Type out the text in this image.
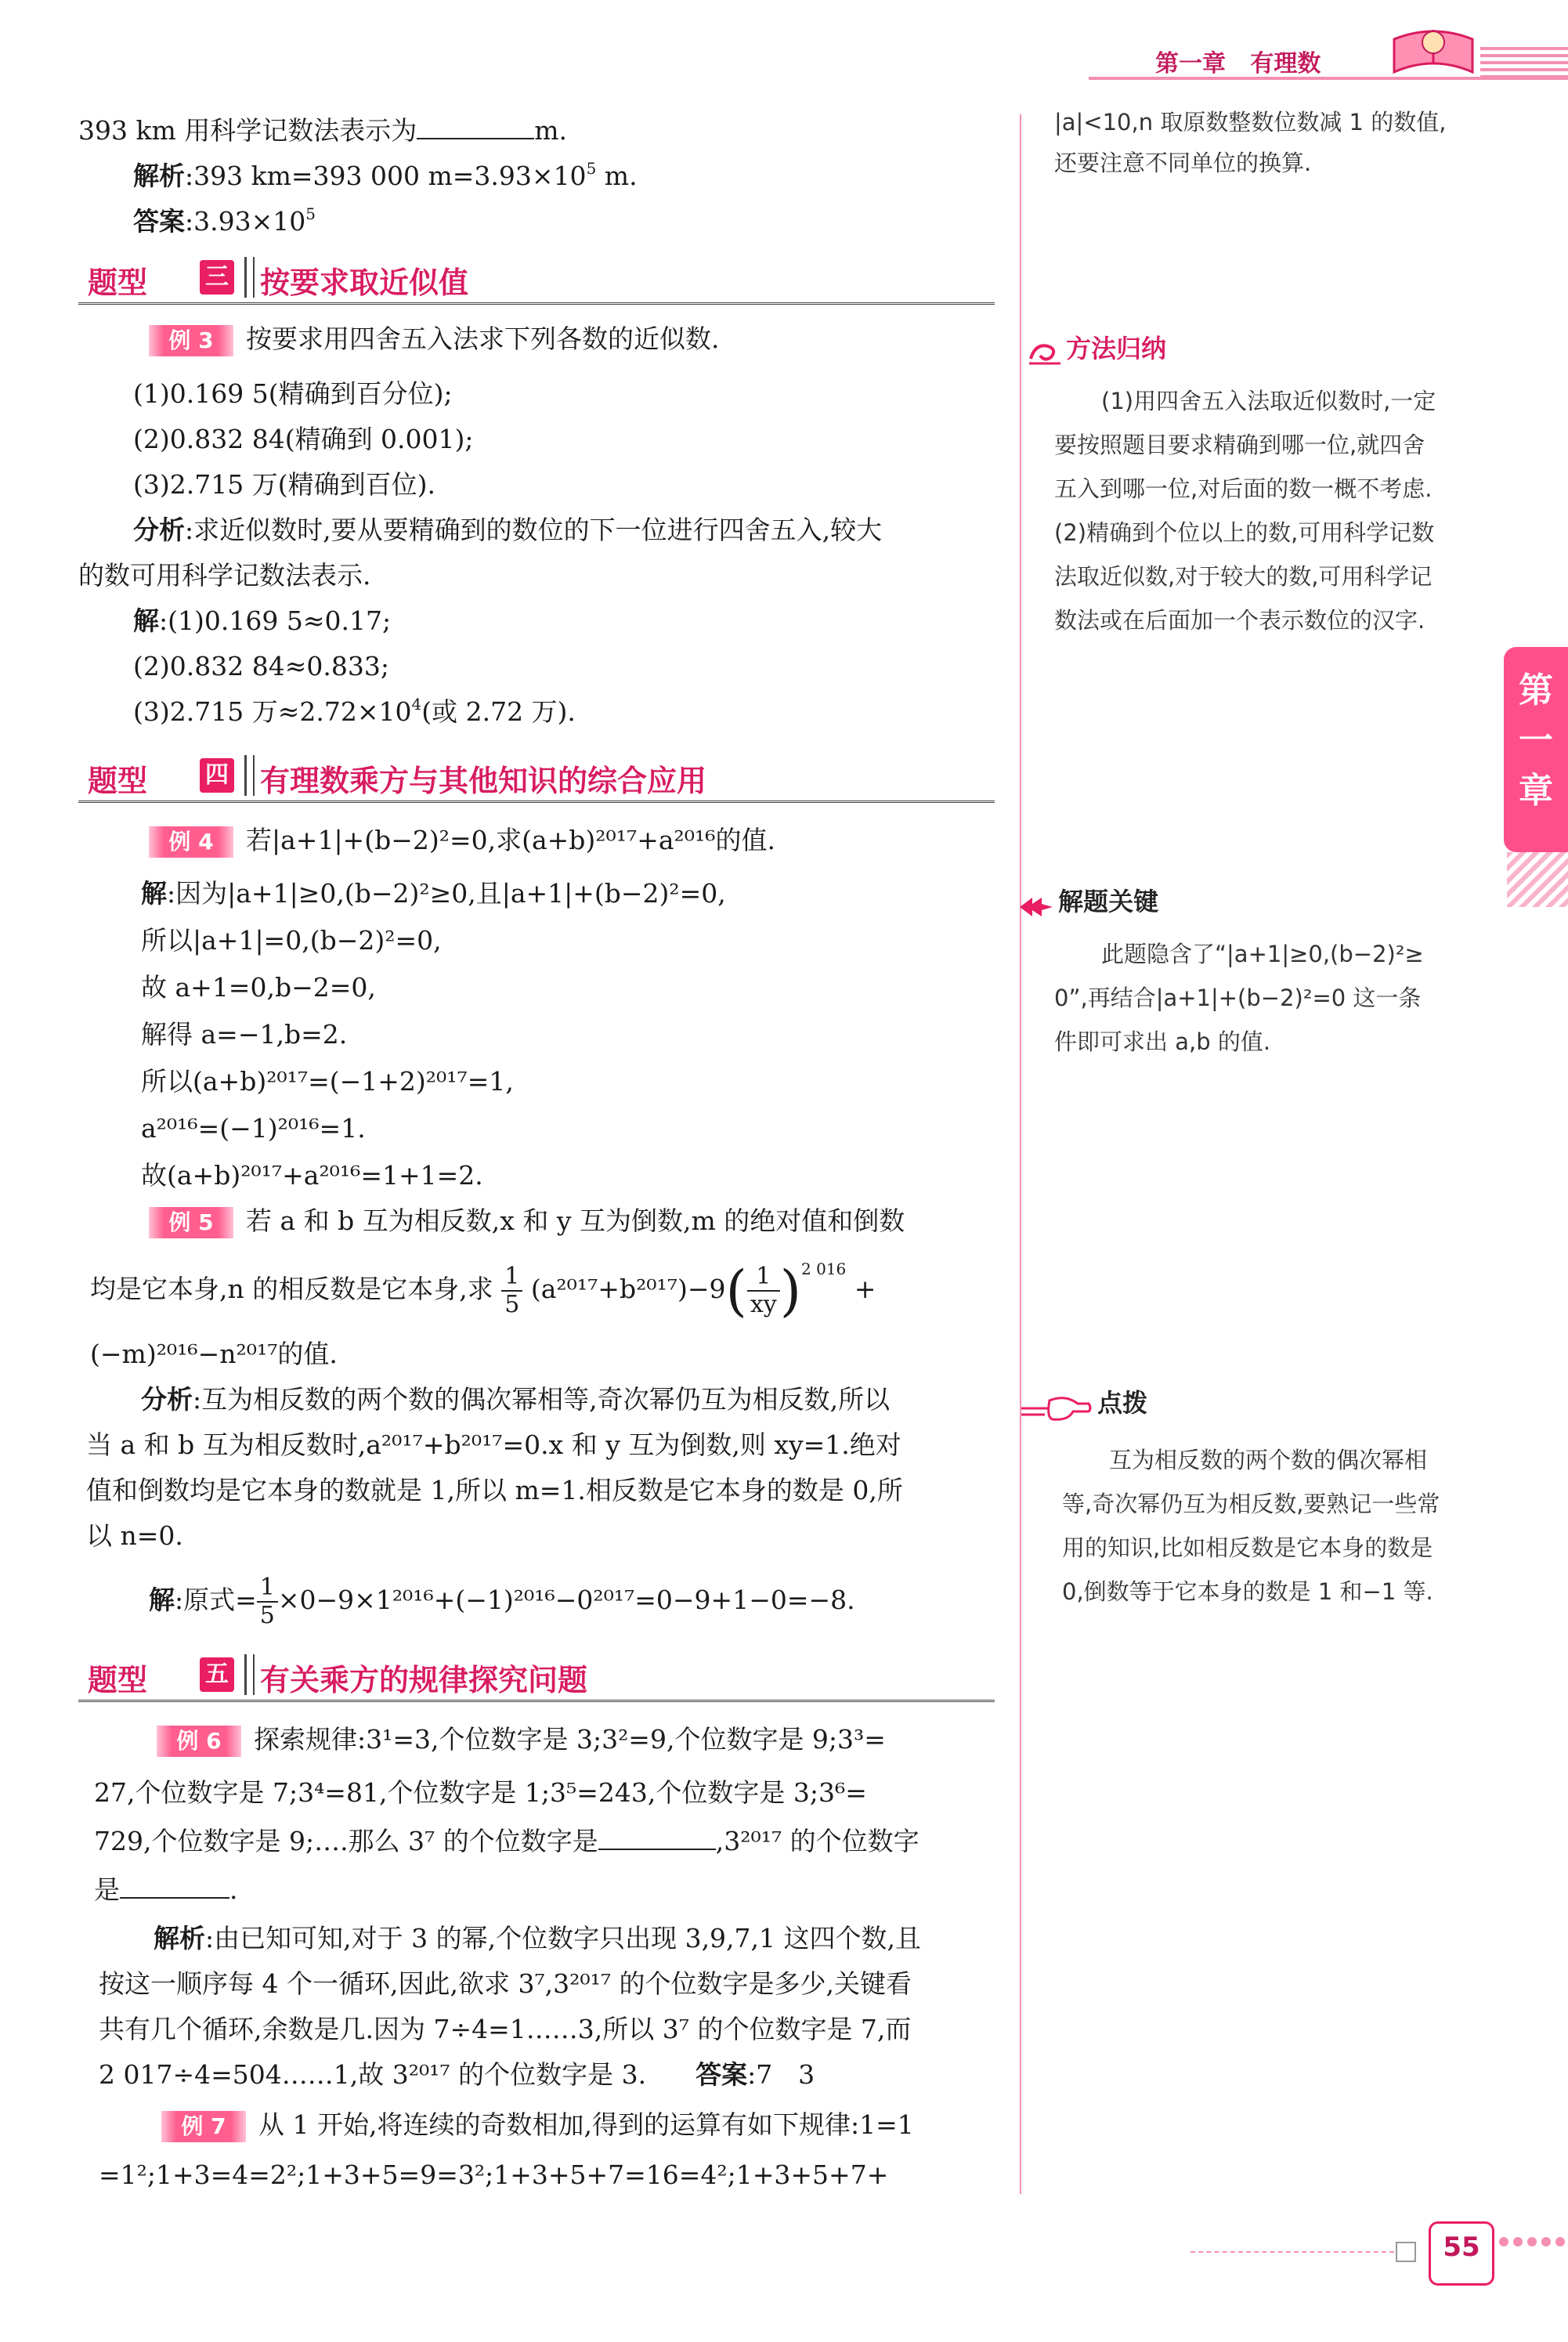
第一章 有理数
393 km 用科学记数法表示为	m.
解析:393 km=393 000 $m=3.93\times 10^5$ m.
答案$:3.93\times 10^5$
题型 三 按要求取近似值
例 3 按要求用四舍五入法求下列各数的近似数.
(1)0.169 5(精确到百分位);
(2)0.832 84(精确到 0.001);
(3)2.715 万(精确到百位).
分析:求近似数时,要从要精确到的数位的下一位进行四舍五入,较大
的数可用科学记数法表示.
解:(1)0.169 5≈0.17;
(2)0.832 84≈0.833;
(3)2.715 万$\approx 2.72\times 10^4$(或 2.72 万).
题型 四 有理数乘方与其他知识的综合应用
例 4 若|a+1|+(b−2)²=0,求(a+b)²⁰¹⁷+a²⁰¹⁶的值.
解:因为|a+1|≥0,(b−2)²≥0,且|a+1|+(b−2)²=0,
所以|a+1|=0,(b−2)²=0,
故 a+1=0,b−2=0,
解得 a=−1,b=2.
所以(a+b)²⁰¹⁷=(−1+2)²⁰¹⁷=1,
a²⁰¹⁶=(−1)²⁰¹⁶=1.
故(a+b)²⁰¹⁷+a²⁰¹⁶=1+1=2.
例 5 若 a 和 b 互为相反数,x 和 y 互为倒数,m 的绝对值和倒数
均是它本身,n 的相反数是它本身,求 $\frac{1}{5} (a^{2017}+b^{2017})-9( \frac{1}{xy} )^{2 016}$ +
(−m)²⁰¹⁶−n²⁰¹⁷的值.
分析:互为相反数的两个数的偶次幂相等,奇次幂仍互为相反数,所以
当 a 和 b 互为相反数时,a²⁰¹⁷+b²⁰¹⁷=0.x 和 y 互为倒数,则 xy=1.绝对
值和倒数均是它本身的数就是 1,所以 m=1.相反数是它本身的数是 0,所
以 n=0.
解:原式= $\frac{1}{5} \times 0-9\times 1^{2016}+(-1)^{2016}-0^{2017}=0-9+1-0=-8$.
题型 五 有关乘方的规律探究问题
例 6 探索规律:3¹=3,个位数字是 3;3²=9,个位数字是 9;3³=
27,个位数字是 7;3⁴=81,个位数字是 1;3⁵=243,个位数字是 3;3⁶=
729,个位数字是 9;….那么 3⁷ 的个位数字是	,3²⁰¹⁷ 的个位数字
是	.
解析:由已知可知,对于 3 的幂,个位数字只出现 3,9,7,1 这四个数,且
按这一顺序每 4 个一循环,因此,欲求 3⁷,3²⁰¹⁷ 的个位数字是多少,关键看
共有几个循环,余数是几.因为 7÷4=1……3,所以 3⁷ 的个位数字是 7,而
2 017÷4=504……1,故 3²⁰¹⁷ 的个位数字是 3. 答案:7　3
例 7 从 1 开始,将连续的奇数相加,得到的运算有如下规律:1=1
=1²;1+3=4=2²;1+3+5=9=3²;1+3+5+7=16=4²;1+3+5+7+
|a|<10,n 取原数整数位数减 1 的数值,
还要注意不同单位的换算.
方法归纳
(1)用四舍五入法取近似数时,一定
要按照题目要求精确到哪一位,就四舍
五入到哪一位,对后面的数一概不考虑.
(2)精确到个位以上的数,可用科学记数
法取近似数,对于较大的数,可用科学记
数法或在后面加一个表示数位的汉字.
第一章
解题关键
此题隐含了“|a+1|≥0,(b−2)²≥
0”,再结合|a+1|+(b−2)²=0 这一条
件即可求出 a,b 的值.
点拨
互为相反数的两个数的偶次幂相
等,奇次幂仍互为相反数,要熟记一些常
用的知识,比如相反数是它本身的数是
0,倒数等于它本身的数是 1 和−1 等.
55
